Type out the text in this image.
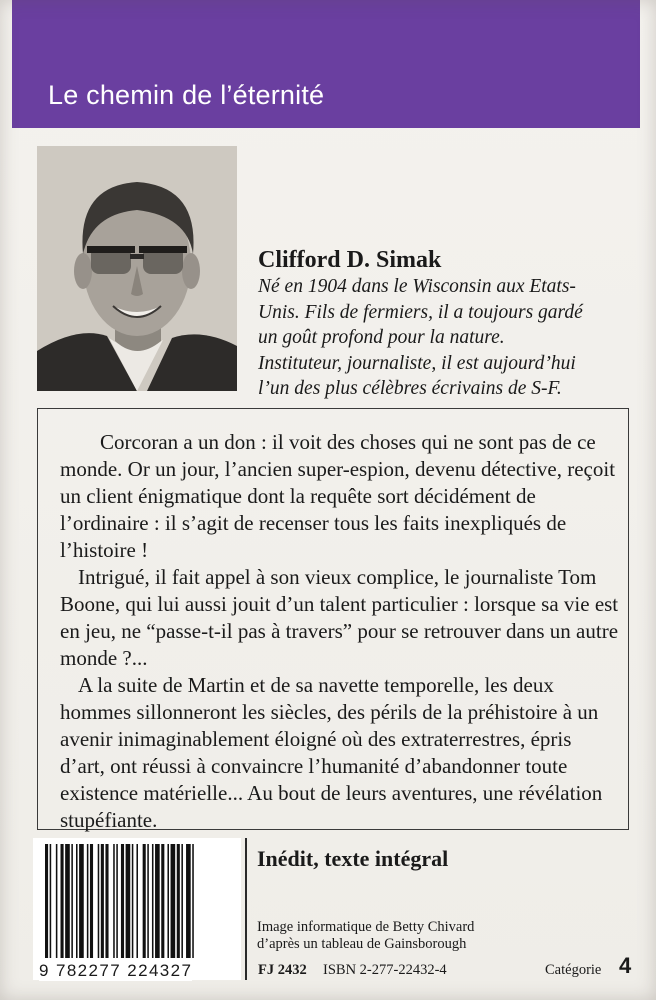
Le chemin de l’éternité
Clifford D. Simak

Né en 1904 dans le Wisconsin aux Etats-

Unis. Fils de fermiers, il a toujours gardé

un goût profond pour la nature.

Instituteur, journaliste, il est aujourd’hui

l’un des plus célèbres écrivains de S-F.

Corcoran a un don : il voit des choses qui ne sont pas de ce monde. Or un jour, l’ancien super-espion, devenu détective, reçoit un client énigmatique dont la requête sort décidément de l’ordinaire : il s’agit de recenser tous les faits inexpliqués de l’histoire !

Intrigué, il fait appel à son vieux complice, le journaliste Tom Boone, qui lui aussi jouit d’un talent particulier : lorsque sa vie est en jeu, ne “passe-t-il pas à travers” pour se retrouver dans un autre monde ?...

A la suite de Martin et de sa navette temporelle, les deux hommes sillonneront les siècles, des périls de la préhistoire à un avenir inimaginablement éloigné où des extraterrestres, épris d’art, ont réussi à convaincre l’humanité d’abandonner toute existence matérielle... Au bout de leurs aventures, une révélation stupéfiante.

9 782277 224327
Inédit, texte intégral

Image informatique de Betty Chivard

d’après un tableau de Gainsborough

FJ 2432 ISBN 2-277-22432-4	Catégorie 4
